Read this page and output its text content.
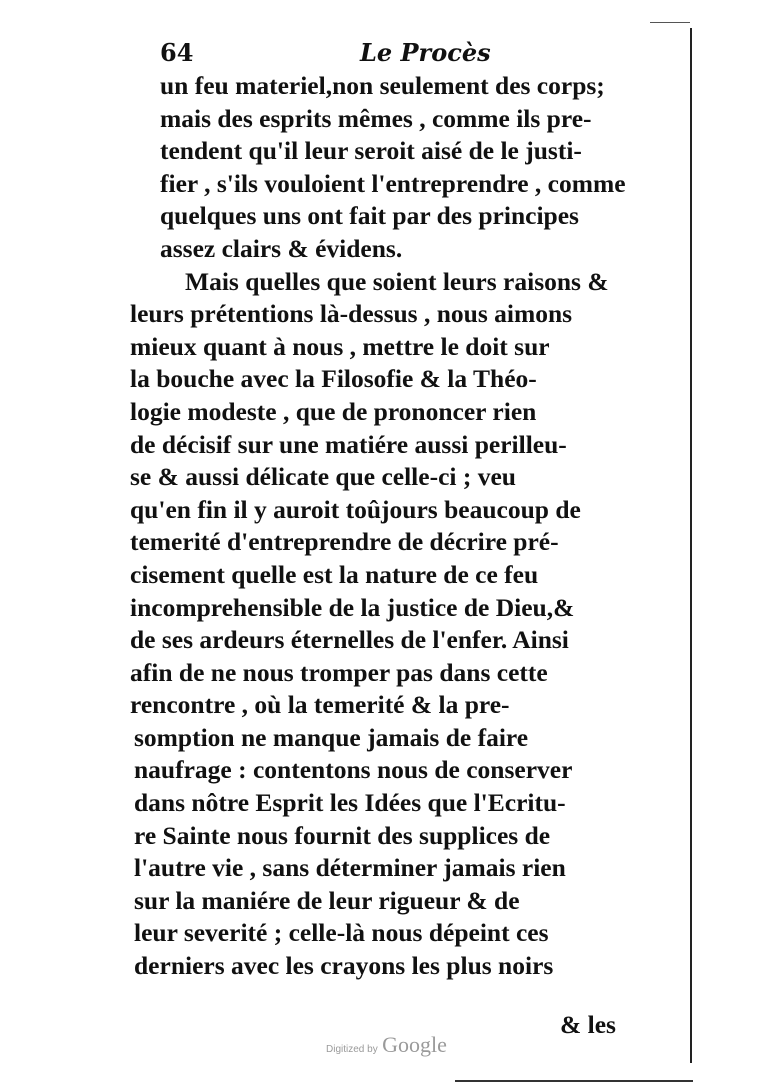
64	Le Procès
un feu materiel,non seulement des corps;
mais des esprits mêmes , comme ils pre-
tendent qu'il leur seroit aisé de le justi-
fier , s'ils vouloient l'entreprendre , comme
quelques uns ont fait par des principes
assez clairs & évidens.
Mais quelles que soient leurs raisons &
leurs prétentions là-dessus , nous aimons
mieux quant à nous , mettre le doit sur
la bouche avec la Filosofie & la Théo-
logie modeste , que de prononcer rien
de décisif sur une matiére aussi perilleu-
se & aussi délicate que celle-ci ; veu
qu'en fin il y auroit toûjours beaucoup de
temerité d'entreprendre de décrire pré-
cisement quelle est la nature de ce feu
incomprehensible de la justice de Dieu,&
de ses ardeurs éternelles de l'enfer. Ainsi
afin de ne nous tromper pas dans cette
rencontre , où la temerité & la pre-
somption ne manque jamais de faire
naufrage : contentons nous de conserver
dans nôtre Esprit les Idées que l'Ecritu-
re Sainte nous fournit des supplices de
l'autre vie , sans déterminer jamais rien
sur la maniére de leur rigueur & de
leur severité ; celle-là nous dépeint ces
derniers avec les crayons les plus noirs
& les
Digitized by Google
